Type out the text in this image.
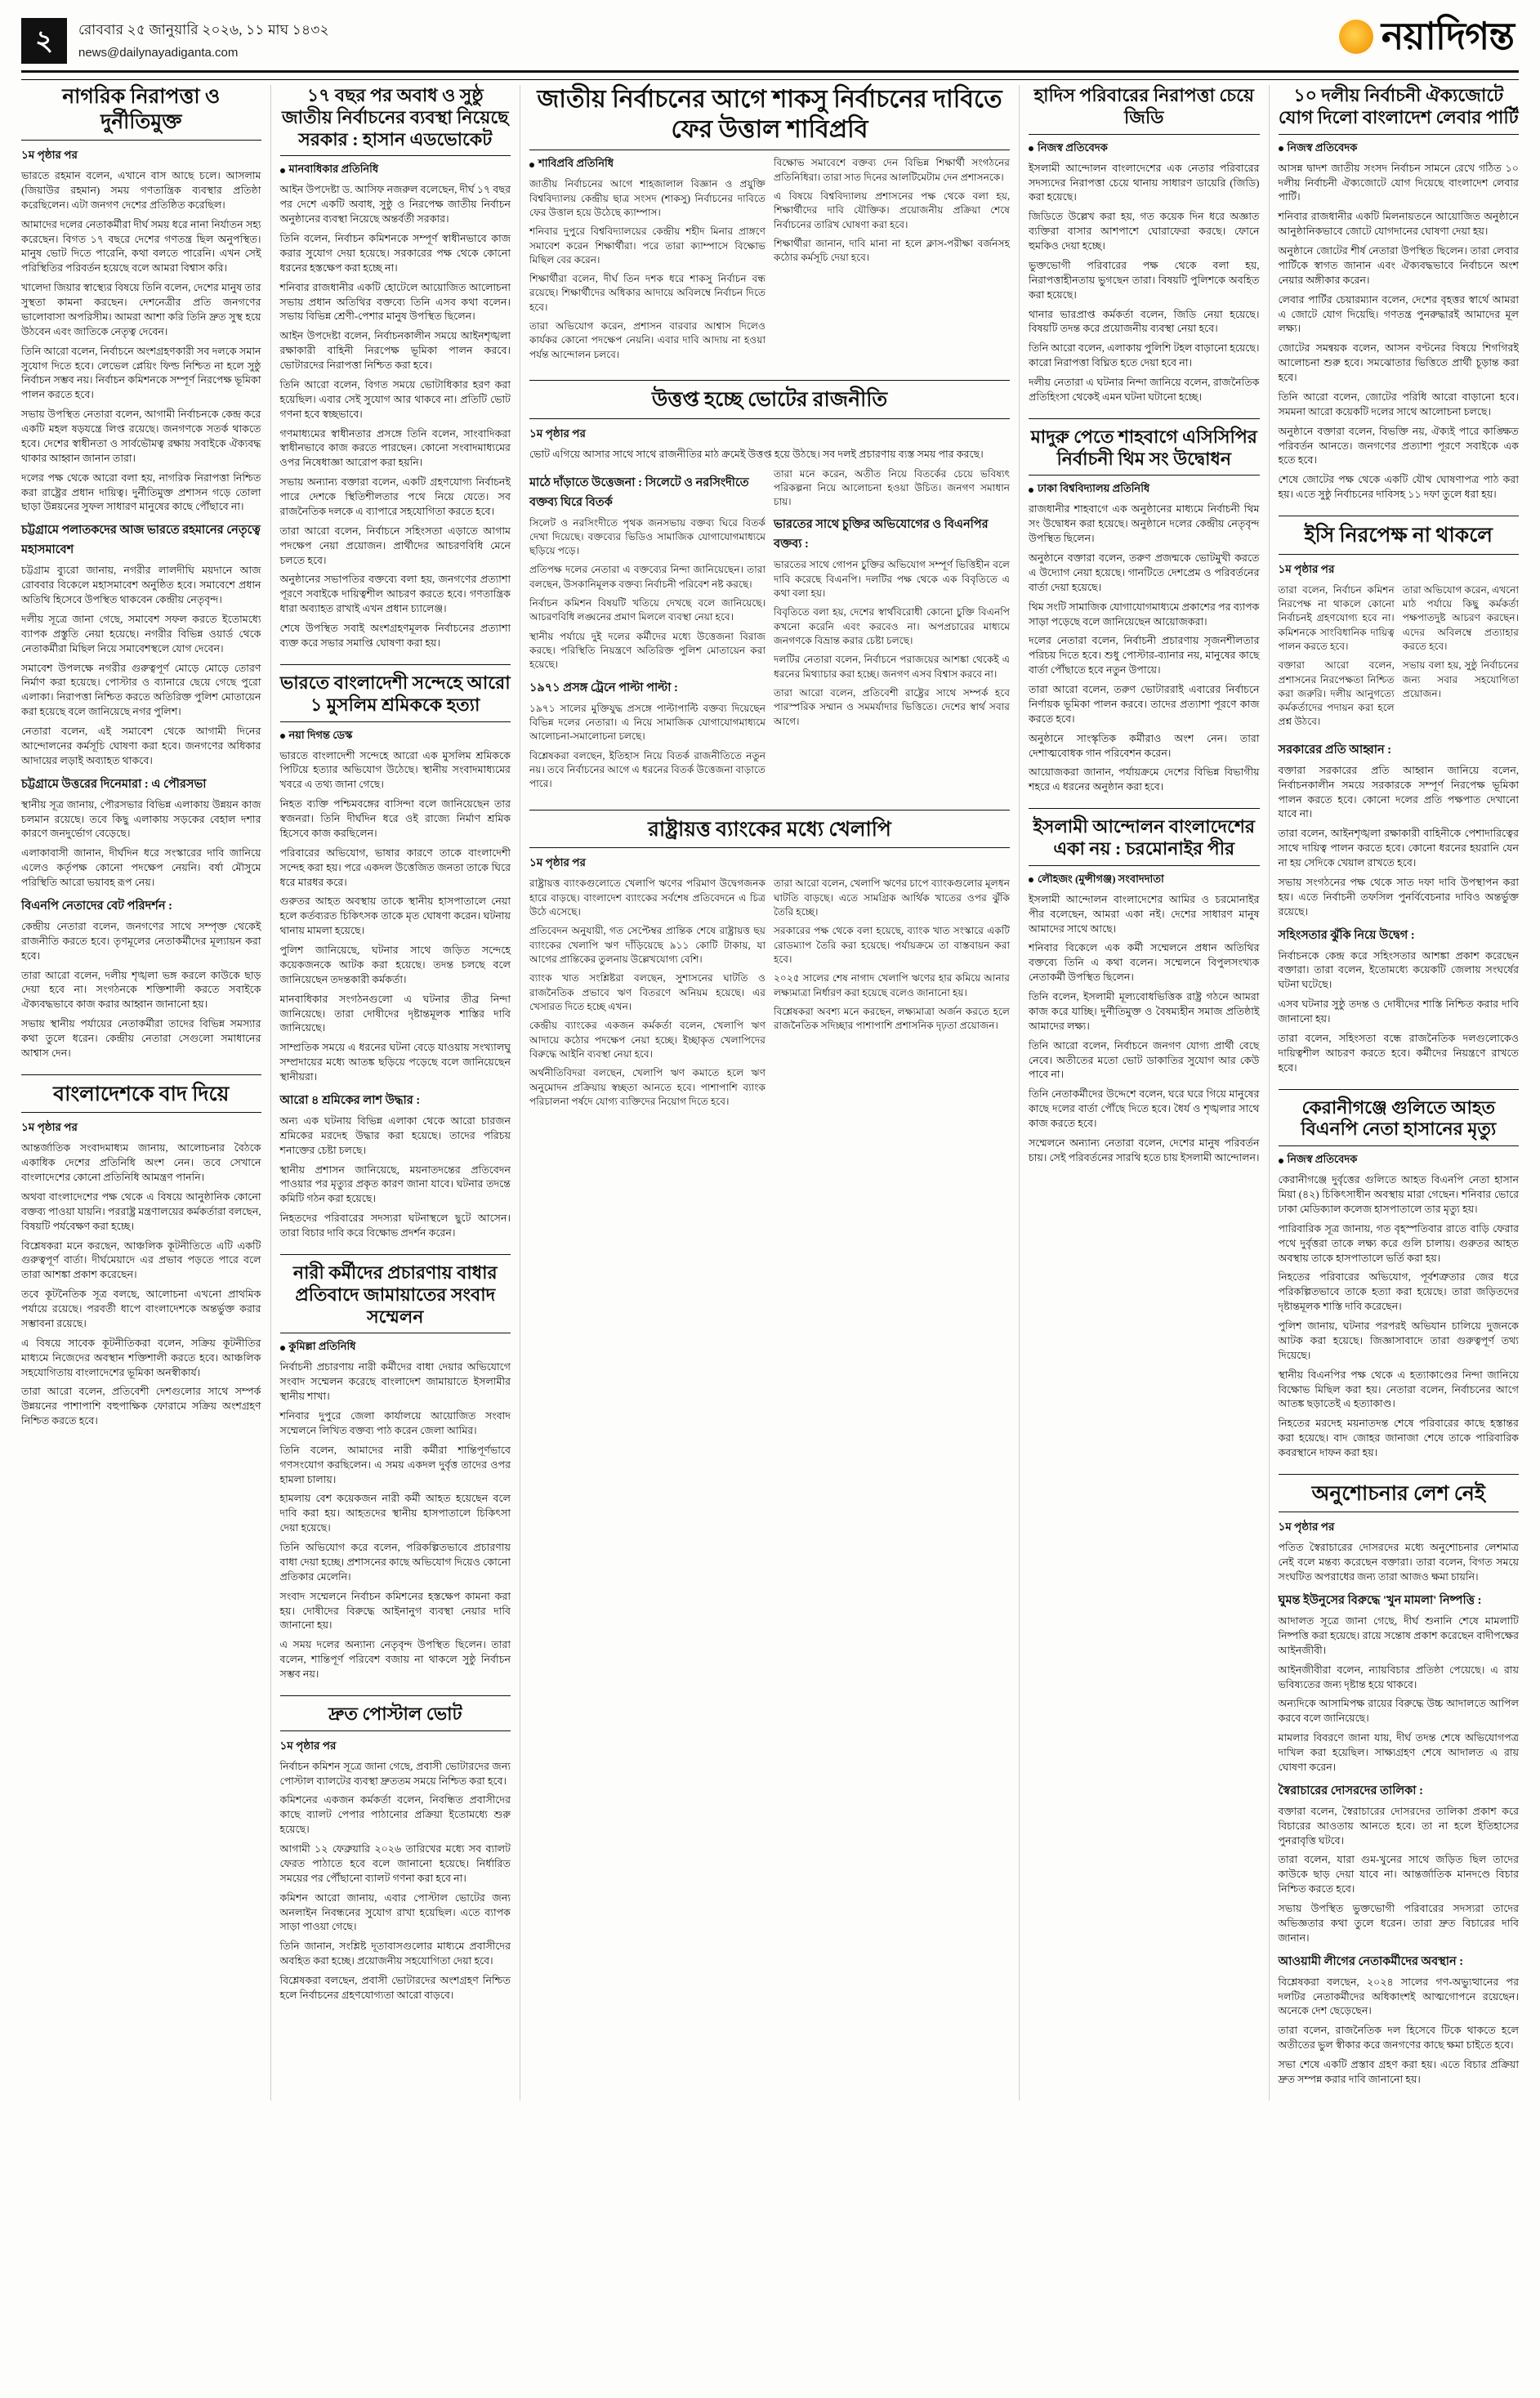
২	রোববার ২৫ জানুয়ারি ২০২৬, ১১ মাঘ ১৪৩২
news@dailynayadiganta.com	নয়াদিগন্ত
নাগরিক নিরাপত্তা ও দুর্নীতিমুক্ত
১ম পৃষ্ঠার পর

ভারতে রহমান বলেন, এখানে বাস আছে চলে। আসলাম (জিয়াউর রহমান) সময় গণতান্ত্রিক ব্যবস্থার প্রতিষ্ঠা করেছিলেন। এটা জনগণ দেশের প্রতিষ্ঠিত করেছিল।

আমাদের দলের নেতাকর্মীরা দীর্ঘ সময় ধরে নানা নির্যাতন সহ্য করেছেন। বিগত ১৭ বছরে দেশের গণতন্ত্র ছিল অনুপস্থিত। মানুষ ভোট দিতে পারেনি, কথা বলতে পারেনি। এখন সেই পরিস্থিতির পরিবর্তন হয়েছে বলে আমরা বিশ্বাস করি।

খালেদা জিয়ার স্বাস্থ্যের বিষয়ে তিনি বলেন, দেশের মানুষ তার সুস্থতা কামনা করছেন। দেশনেত্রীর প্রতি জনগণের ভালোবাসা অপরিসীম। আমরা আশা করি তিনি দ্রুত সুস্থ হয়ে উঠবেন এবং জাতিকে নেতৃত্ব দেবেন।

তিনি আরো বলেন, নির্বাচনে অংশগ্রহণকারী সব দলকে সমান সুযোগ দিতে হবে। লেভেল প্লেয়িং ফিল্ড নিশ্চিত না হলে সুষ্ঠু নির্বাচন সম্ভব নয়। নির্বাচন কমিশনকে সম্পূর্ণ নিরপেক্ষ ভূমিকা পালন করতে হবে।

সভায় উপস্থিত নেতারা বলেন, আগামী নির্বাচনকে কেন্দ্র করে একটি মহল ষড়যন্ত্রে লিপ্ত রয়েছে। জনগণকে সতর্ক থাকতে হবে। দেশের স্বাধীনতা ও সার্বভৌমত্ব রক্ষায় সবাইকে ঐক্যবদ্ধ থাকার আহ্বান জানান তারা।

দলের পক্ষ থেকে আরো বলা হয়, নাগরিক নিরাপত্তা নিশ্চিত করা রাষ্ট্রের প্রধান দায়িত্ব। দুর্নীতিমুক্ত প্রশাসন গড়ে তোলা ছাড়া উন্নয়নের সুফল সাধারণ মানুষের কাছে পৌঁছাবে না।

চট্টগ্রামে পলাতকদের আজ ভারতে রহমানের নেতৃত্বে মহাসমাবেশ

চট্টগ্রাম ব্যুরো জানায়, নগরীর লালদীঘি ময়দানে আজ রোববার বিকেলে মহাসমাবেশ অনুষ্ঠিত হবে। সমাবেশে প্রধান অতিথি হিসেবে উপস্থিত থাকবেন কেন্দ্রীয় নেতৃবৃন্দ।

দলীয় সূত্রে জানা গেছে, সমাবেশ সফল করতে ইতোমধ্যে ব্যাপক প্রস্তুতি নেয়া হয়েছে। নগরীর বিভিন্ন ওয়ার্ড থেকে নেতাকর্মীরা মিছিল নিয়ে সমাবেশস্থলে যোগ দেবেন।

সমাবেশ উপলক্ষে নগরীর গুরুত্বপূর্ণ মোড়ে মোড়ে তোরণ নির্মাণ করা হয়েছে। পোস্টার ও ব্যানারে ছেয়ে গেছে পুরো এলাকা। নিরাপত্তা নিশ্চিত করতে অতিরিক্ত পুলিশ মোতায়েন করা হয়েছে বলে জানিয়েছে নগর পুলিশ।

নেতারা বলেন, এই সমাবেশ থেকে আগামী দিনের আন্দোলনের কর্মসূচি ঘোষণা করা হবে। জনগণের অধিকার আদায়ের লড়াই অব্যাহত থাকবে।

চট্টগ্রামে উত্তরের দিনেমারা : এ পৌরসভা

স্থানীয় সূত্র জানায়, পৌরসভার বিভিন্ন এলাকায় উন্নয়ন কাজ চলমান রয়েছে। তবে কিছু এলাকায় সড়কের বেহাল দশার কারণে জনদুর্ভোগ বেড়েছে।

এলাকাবাসী জানান, দীর্ঘদিন ধরে সংস্কারের দাবি জানিয়ে এলেও কর্তৃপক্ষ কোনো পদক্ষেপ নেয়নি। বর্ষা মৌসুমে পরিস্থিতি আরো ভয়াবহ রূপ নেয়।

বিএনপি নেতাদের বেট পরিদর্শন :

কেন্দ্রীয় নেতারা বলেন, জনগণের সাথে সম্পৃক্ত থেকেই রাজনীতি করতে হবে। তৃণমূলের নেতাকর্মীদের মূল্যায়ন করা হবে।

তারা আরো বলেন, দলীয় শৃঙ্খলা ভঙ্গ করলে কাউকে ছাড় দেয়া হবে না। সংগঠনকে শক্তিশালী করতে সবাইকে ঐক্যবদ্ধভাবে কাজ করার আহ্বান জানানো হয়।

সভায় স্থানীয় পর্যায়ের নেতাকর্মীরা তাদের বিভিন্ন সমস্যার কথা তুলে ধরেন। কেন্দ্রীয় নেতারা সেগুলো সমাধানের আশ্বাস দেন।

বাংলাদেশকে বাদ দিয়ে
১ম পৃষ্ঠার পর

আন্তর্জাতিক সংবাদমাধ্যম জানায়, আলোচনার বৈঠকে একাধিক দেশের প্রতিনিধি অংশ নেন। তবে সেখানে বাংলাদেশের কোনো প্রতিনিধি আমন্ত্রণ পাননি।

অথবা বাংলাদেশের পক্ষ থেকে এ বিষয়ে আনুষ্ঠানিক কোনো বক্তব্য পাওয়া যায়নি। পররাষ্ট্র মন্ত্রণালয়ের কর্মকর্তারা বলছেন, বিষয়টি পর্যবেক্ষণ করা হচ্ছে।

বিশ্লেষকরা মনে করছেন, আঞ্চলিক কূটনীতিতে এটি একটি গুরুত্বপূর্ণ বার্তা। দীর্ঘমেয়াদে এর প্রভাব পড়তে পারে বলে তারা আশঙ্কা প্রকাশ করেছেন।

তবে কূটনৈতিক সূত্র বলছে, আলোচনা এখনো প্রাথমিক পর্যায়ে রয়েছে। পরবর্তী ধাপে বাংলাদেশকে অন্তর্ভুক্ত করার সম্ভাবনা রয়েছে।

এ বিষয়ে সাবেক কূটনীতিকরা বলেন, সক্রিয় কূটনীতির মাধ্যমে নিজেদের অবস্থান শক্তিশালী করতে হবে। আঞ্চলিক সহযোগিতায় বাংলাদেশের ভূমিকা অনস্বীকার্য।

তারা আরো বলেন, প্রতিবেশী দেশগুলোর সাথে সম্পর্ক উন্নয়নের পাশাপাশি বহুপাক্ষিক ফোরামে সক্রিয় অংশগ্রহণ নিশ্চিত করতে হবে।

১৭ বছর পর অবাধ ও সুষ্ঠু জাতীয় নির্বাচনের ব্যবস্থা নিয়েছে সরকার : হাসান এডভোকেট
মানবাধিকার প্রতিনিধি

আইন উপদেষ্টা ড. আসিফ নজরুল বলেছেন, দীর্ঘ ১৭ বছর পর দেশে একটি অবাধ, সুষ্ঠু ও নিরপেক্ষ জাতীয় নির্বাচন অনুষ্ঠানের ব্যবস্থা নিয়েছে অন্তর্বর্তী সরকার।

তিনি বলেন, নির্বাচন কমিশনকে সম্পূর্ণ স্বাধীনভাবে কাজ করার সুযোগ দেয়া হয়েছে। সরকারের পক্ষ থেকে কোনো ধরনের হস্তক্ষেপ করা হচ্ছে না।

শনিবার রাজধানীর একটি হোটেলে আয়োজিত আলোচনা সভায় প্রধান অতিথির বক্তব্যে তিনি এসব কথা বলেন। সভায় বিভিন্ন শ্রেণী-পেশার মানুষ উপস্থিত ছিলেন।

আইন উপদেষ্টা বলেন, নির্বাচনকালীন সময়ে আইনশৃঙ্খলা রক্ষাকারী বাহিনী নিরপেক্ষ ভূমিকা পালন করবে। ভোটারদের নিরাপত্তা নিশ্চিত করা হবে।

তিনি আরো বলেন, বিগত সময়ে ভোটাধিকার হরণ করা হয়েছিল। এবার সেই সুযোগ আর থাকবে না। প্রতিটি ভোট গণনা হবে স্বচ্ছভাবে।

গণমাধ্যমের স্বাধীনতার প্রসঙ্গে তিনি বলেন, সাংবাদিকরা স্বাধীনভাবে কাজ করতে পারছেন। কোনো সংবাদমাধ্যমের ওপর নিষেধাজ্ঞা আরোপ করা হয়নি।

সভায় অন্যান্য বক্তারা বলেন, একটি গ্রহণযোগ্য নির্বাচনই পারে দেশকে স্থিতিশীলতার পথে নিয়ে যেতে। সব রাজনৈতিক দলকে এ ব্যাপারে সহযোগিতা করতে হবে।

তারা আরো বলেন, নির্বাচনে সহিংসতা এড়াতে আগাম পদক্ষেপ নেয়া প্রয়োজন। প্রার্থীদের আচরণবিধি মেনে চলতে হবে।

অনুষ্ঠানের সভাপতির বক্তব্যে বলা হয়, জনগণের প্রত্যাশা পূরণে সবাইকে দায়িত্বশীল আচরণ করতে হবে। গণতান্ত্রিক ধারা অব্যাহত রাখাই এখন প্রধান চ্যালেঞ্জ।

শেষে উপস্থিত সবাই অংশগ্রহণমূলক নির্বাচনের প্রত্যাশা ব্যক্ত করে সভার সমাপ্তি ঘোষণা করা হয়।

ভারতে বাংলাদেশী সন্দেহে আরো ১ মুসলিম শ্রমিককে হত্যা
নয়া দিগন্ত ডেস্ক

ভারতে বাংলাদেশী সন্দেহে আরো এক মুসলিম শ্রমিককে পিটিয়ে হত্যার অভিযোগ উঠেছে। স্থানীয় সংবাদমাধ্যমের খবরে এ তথ্য জানা গেছে।

নিহত ব্যক্তি পশ্চিমবঙ্গের বাসিন্দা বলে জানিয়েছেন তার স্বজনরা। তিনি দীর্ঘদিন ধরে ওই রাজ্যে নির্মাণ শ্রমিক হিসেবে কাজ করছিলেন।

পরিবারের অভিযোগ, ভাষার কারণে তাকে বাংলাদেশী সন্দেহ করা হয়। পরে একদল উত্তেজিত জনতা তাকে ঘিরে ধরে মারধর করে।

গুরুতর আহত অবস্থায় তাকে স্থানীয় হাসপাতালে নেয়া হলে কর্তব্যরত চিকিৎসক তাকে মৃত ঘোষণা করেন। ঘটনায় থানায় মামলা হয়েছে।

পুলিশ জানিয়েছে, ঘটনার সাথে জড়িত সন্দেহে কয়েকজনকে আটক করা হয়েছে। তদন্ত চলছে বলে জানিয়েছেন তদন্তকারী কর্মকর্তা।

মানবাধিকার সংগঠনগুলো এ ঘটনার তীব্র নিন্দা জানিয়েছে। তারা দোষীদের দৃষ্টান্তমূলক শাস্তির দাবি জানিয়েছে।

সাম্প্রতিক সময়ে এ ধরনের ঘটনা বেড়ে যাওয়ায় সংখ্যালঘু সম্প্রদায়ের মধ্যে আতঙ্ক ছড়িয়ে পড়েছে বলে জানিয়েছেন স্থানীয়রা।

আরো ৪ শ্রমিকের লাশ উদ্ধার :

অন্য এক ঘটনায় বিভিন্ন এলাকা থেকে আরো চারজন শ্রমিকের মরদেহ উদ্ধার করা হয়েছে। তাদের পরিচয় শনাক্তের চেষ্টা চলছে।

স্থানীয় প্রশাসন জানিয়েছে, ময়নাতদন্তের প্রতিবেদন পাওয়ার পর মৃত্যুর প্রকৃত কারণ জানা যাবে। ঘটনার তদন্তে কমিটি গঠন করা হয়েছে।

নিহতদের পরিবারের সদস্যরা ঘটনাস্থলে ছুটে আসেন। তারা বিচার দাবি করে বিক্ষোভ প্রদর্শন করেন।

নারী কর্মীদের প্রচারণায় বাধার প্রতিবাদে জামায়াতের সংবাদ সম্মেলন
কুমিল্লা প্রতিনিধি

নির্বাচনী প্রচারণায় নারী কর্মীদের বাধা দেয়ার অভিযোগে সংবাদ সম্মেলন করেছে বাংলাদেশ জামায়াতে ইসলামীর স্থানীয় শাখা।

শনিবার দুপুরে জেলা কার্যালয়ে আয়োজিত সংবাদ সম্মেলনে লিখিত বক্তব্য পাঠ করেন জেলা আমির।

তিনি বলেন, আমাদের নারী কর্মীরা শান্তিপূর্ণভাবে গণসংযোগ করছিলেন। এ সময় একদল দুর্বৃত্ত তাদের ওপর হামলা চালায়।

হামলায় বেশ কয়েকজন নারী কর্মী আহত হয়েছেন বলে দাবি করা হয়। আহতদের স্থানীয় হাসপাতালে চিকিৎসা দেয়া হয়েছে।

তিনি অভিযোগ করে বলেন, পরিকল্পিতভাবে প্রচারণায় বাধা দেয়া হচ্ছে। প্রশাসনের কাছে অভিযোগ দিয়েও কোনো প্রতিকার মেলেনি।

সংবাদ সম্মেলনে নির্বাচন কমিশনের হস্তক্ষেপ কামনা করা হয়। দোষীদের বিরুদ্ধে আইনানুগ ব্যবস্থা নেয়ার দাবি জানানো হয়।

এ সময় দলের অন্যান্য নেতৃবৃন্দ উপস্থিত ছিলেন। তারা বলেন, শান্তিপূর্ণ পরিবেশ বজায় না থাকলে সুষ্ঠু নির্বাচন সম্ভব নয়।

দ্রুত পোস্টাল ভোট
১ম পৃষ্ঠার পর

নির্বাচন কমিশন সূত্রে জানা গেছে, প্রবাসী ভোটারদের জন্য পোস্টাল ব্যালটের ব্যবস্থা দ্রুততম সময়ে নিশ্চিত করা হবে।

কমিশনের একজন কর্মকর্তা বলেন, নিবন্ধিত প্রবাসীদের কাছে ব্যালট পেপার পাঠানোর প্রক্রিয়া ইতোমধ্যে শুরু হয়েছে।

আগামী ১২ ফেব্রুয়ারি ২০২৬ তারিখের মধ্যে সব ব্যালট ফেরত পাঠাতে হবে বলে জানানো হয়েছে। নির্ধারিত সময়ের পর পৌঁছানো ব্যালট গণনা করা হবে না।

কমিশন আরো জানায়, এবার পোস্টাল ভোটের জন্য অনলাইন নিবন্ধনের সুযোগ রাখা হয়েছিল। এতে ব্যাপক সাড়া পাওয়া গেছে।

তিনি জানান, সংশ্লিষ্ট দূতাবাসগুলোর মাধ্যমে প্রবাসীদের অবহিত করা হচ্ছে। প্রয়োজনীয় সহযোগিতা দেয়া হবে।

বিশ্লেষকরা বলছেন, প্রবাসী ভোটারদের অংশগ্রহণ নিশ্চিত হলে নির্বাচনের গ্রহণযোগ্যতা আরো বাড়বে।

জাতীয় নির্বাচনের আগে শাকসু নির্বাচনের দাবিতে ফের উত্তাল শাবিপ্রবি
শাবিপ্রবি প্রতিনিধি

জাতীয় নির্বাচনের আগে শাহজালাল বিজ্ঞান ও প্রযুক্তি বিশ্ববিদ্যালয় কেন্দ্রীয় ছাত্র সংসদ (শাকসু) নির্বাচনের দাবিতে ফের উত্তাল হয়ে উঠেছে ক্যাম্পাস।

শনিবার দুপুরে বিশ্ববিদ্যালয়ের কেন্দ্রীয় শহীদ মিনার প্রাঙ্গণে সমাবেশ করেন শিক্ষার্থীরা। পরে তারা ক্যাম্পাসে বিক্ষোভ মিছিল বের করেন।

শিক্ষার্থীরা বলেন, দীর্ঘ তিন দশক ধরে শাকসু নির্বাচন বন্ধ রয়েছে। শিক্ষার্থীদের অধিকার আদায়ে অবিলম্বে নির্বাচন দিতে হবে।

তারা অভিযোগ করেন, প্রশাসন বারবার আশ্বাস দিলেও কার্যকর কোনো পদক্ষেপ নেয়নি। এবার দাবি আদায় না হওয়া পর্যন্ত আন্দোলন চলবে।

বিক্ষোভ সমাবেশে বক্তব্য দেন বিভিন্ন শিক্ষার্থী সংগঠনের প্রতিনিধিরা। তারা সাত দিনের আলটিমেটাম দেন প্রশাসনকে।

এ বিষয়ে বিশ্ববিদ্যালয় প্রশাসনের পক্ষ থেকে বলা হয়, শিক্ষার্থীদের দাবি যৌক্তিক। প্রয়োজনীয় প্রক্রিয়া শেষে নির্বাচনের তারিখ ঘোষণা করা হবে।

শিক্ষার্থীরা জানান, দাবি মানা না হলে ক্লাস-পরীক্ষা বর্জনসহ কঠোর কর্মসূচি দেয়া হবে।

উত্তপ্ত হচ্ছে ভোটের রাজনীতি
১ম পৃষ্ঠার পর

ভোট এগিয়ে আসার সাথে সাথে রাজনীতির মাঠ ক্রমেই উত্তপ্ত হয়ে উঠছে। সব দলই প্রচারণায় ব্যস্ত সময় পার করছে।

মাঠে দাঁড়াতে উত্তেজনা : সিলেটে ও নরসিংদীতে বক্তব্য ঘিরে বিতর্ক

সিলেট ও নরসিংদীতে পৃথক জনসভায় বক্তব্য ঘিরে বিতর্ক দেখা দিয়েছে। বক্তব্যের ভিডিও সামাজিক যোগাযোগমাধ্যমে ছড়িয়ে পড়ে।

প্রতিপক্ষ দলের নেতারা এ বক্তব্যের নিন্দা জানিয়েছেন। তারা বলছেন, উসকানিমূলক বক্তব্য নির্বাচনী পরিবেশ নষ্ট করছে।

নির্বাচন কমিশন বিষয়টি খতিয়ে দেখছে বলে জানিয়েছে। আচরণবিধি লঙ্ঘনের প্রমাণ মিললে ব্যবস্থা নেয়া হবে।

স্থানীয় পর্যায়ে দুই দলের কর্মীদের মধ্যে উত্তেজনা বিরাজ করছে। পরিস্থিতি নিয়ন্ত্রণে অতিরিক্ত পুলিশ মোতায়েন করা হয়েছে।

১৯৭১ প্রসঙ্গ ট্রেনে পাল্টা পাল্টা :

১৯৭১ সালের মুক্তিযুদ্ধ প্রসঙ্গে পাল্টাপাল্টি বক্তব্য দিয়েছেন বিভিন্ন দলের নেতারা। এ নিয়ে সামাজিক যোগাযোগমাধ্যমে আলোচনা-সমালোচনা চলছে।

বিশ্লেষকরা বলছেন, ইতিহাস নিয়ে বিতর্ক রাজনীতিতে নতুন নয়। তবে নির্বাচনের আগে এ ধরনের বিতর্ক উত্তেজনা বাড়াতে পারে।

তারা মনে করেন, অতীত নিয়ে বিতর্কের চেয়ে ভবিষ্যৎ পরিকল্পনা নিয়ে আলোচনা হওয়া উচিত। জনগণ সমাধান চায়।

ভারতের সাথে চুক্তির অভিযোগের ও বিএনপির বক্তব্য :

ভারতের সাথে গোপন চুক্তির অভিযোগ সম্পূর্ণ ভিত্তিহীন বলে দাবি করেছে বিএনপি। দলটির পক্ষ থেকে এক বিবৃতিতে এ কথা বলা হয়।

বিবৃতিতে বলা হয়, দেশের স্বার্থবিরোধী কোনো চুক্তি বিএনপি কখনো করেনি এবং করবেও না। অপপ্রচারের মাধ্যমে জনগণকে বিভ্রান্ত করার চেষ্টা চলছে।

দলটির নেতারা বলেন, নির্বাচনে পরাজয়ের আশঙ্কা থেকেই এ ধরনের মিথ্যাচার করা হচ্ছে। জনগণ এসব বিশ্বাস করবে না।

তারা আরো বলেন, প্রতিবেশী রাষ্ট্রের সাথে সম্পর্ক হবে পারস্পরিক সম্মান ও সমমর্যাদার ভিত্তিতে। দেশের স্বার্থ সবার আগে।

রাষ্ট্রায়ত্ত ব্যাংকের মধ্যে খেলাপি
১ম পৃষ্ঠার পর

রাষ্ট্রায়ত্ত ব্যাংকগুলোতে খেলাপি ঋণের পরিমাণ উদ্বেগজনক হারে বাড়ছে। বাংলাদেশ ব্যাংকের সর্বশেষ প্রতিবেদনে এ চিত্র উঠে এসেছে।

প্রতিবেদন অনুযায়ী, গত সেপ্টেম্বর প্রান্তিক শেষে রাষ্ট্রায়ত্ত ছয় ব্যাংকের খেলাপি ঋণ দাঁড়িয়েছে ৯১১ কোটি টাকায়, যা আগের প্রান্তিকের তুলনায় উল্লেখযোগ্য বেশি।

ব্যাংক খাত সংশ্লিষ্টরা বলছেন, সুশাসনের ঘাটতি ও রাজনৈতিক প্রভাবে ঋণ বিতরণে অনিয়ম হয়েছে। এর খেসারত দিতে হচ্ছে এখন।

কেন্দ্রীয় ব্যাংকের একজন কর্মকর্তা বলেন, খেলাপি ঋণ আদায়ে কঠোর পদক্ষেপ নেয়া হচ্ছে। ইচ্ছাকৃত খেলাপিদের বিরুদ্ধে আইনি ব্যবস্থা নেয়া হবে।

অর্থনীতিবিদরা বলছেন, খেলাপি ঋণ কমাতে হলে ঋণ অনুমোদন প্রক্রিয়ায় স্বচ্ছতা আনতে হবে। পাশাপাশি ব্যাংক পরিচালনা পর্ষদে যোগ্য ব্যক্তিদের নিয়োগ দিতে হবে।

তারা আরো বলেন, খেলাপি ঋণের চাপে ব্যাংকগুলোর মূলধন ঘাটতি বাড়ছে। এতে সামগ্রিক আর্থিক খাতের ওপর ঝুঁকি তৈরি হচ্ছে।

সরকারের পক্ষ থেকে বলা হয়েছে, ব্যাংক খাত সংস্কারে একটি রোডম্যাপ তৈরি করা হয়েছে। পর্যায়ক্রমে তা বাস্তবায়ন করা হবে।

২০২৫ সালের শেষ নাগাদ খেলাপি ঋণের হার কমিয়ে আনার লক্ষ্যমাত্রা নির্ধারণ করা হয়েছে বলেও জানানো হয়।

বিশ্লেষকরা অবশ্য মনে করছেন, লক্ষ্যমাত্রা অর্জন করতে হলে রাজনৈতিক সদিচ্ছার পাশাপাশি প্রশাসনিক দৃঢ়তা প্রয়োজন।

হাদিস পরিবারের নিরাপত্তা চেয়ে জিডি
নিজস্ব প্রতিবেদক

ইসলামী আন্দোলন বাংলাদেশের এক নেতার পরিবারের সদস্যদের নিরাপত্তা চেয়ে থানায় সাধারণ ডায়েরি (জিডি) করা হয়েছে।

জিডিতে উল্লেখ করা হয়, গত কয়েক দিন ধরে অজ্ঞাত ব্যক্তিরা বাসার আশপাশে ঘোরাফেরা করছে। ফোনে হুমকিও দেয়া হচ্ছে।

ভুক্তভোগী পরিবারের পক্ষ থেকে বলা হয়, নিরাপত্তাহীনতায় ভুগছেন তারা। বিষয়টি পুলিশকে অবহিত করা হয়েছে।

থানার ভারপ্রাপ্ত কর্মকর্তা বলেন, জিডি নেয়া হয়েছে। বিষয়টি তদন্ত করে প্রয়োজনীয় ব্যবস্থা নেয়া হবে।

তিনি আরো বলেন, এলাকায় পুলিশি টহল বাড়ানো হয়েছে। কারো নিরাপত্তা বিঘ্নিত হতে দেয়া হবে না।

দলীয় নেতারা এ ঘটনার নিন্দা জানিয়ে বলেন, রাজনৈতিক প্রতিহিংসা থেকেই এমন ঘটনা ঘটানো হচ্ছে।

মাদুরু পেতে শাহবাগে এসিসিপির নির্বাচনী থিম সং উদ্বোধন
ঢাকা বিশ্ববিদ্যালয় প্রতিনিধি

রাজধানীর শাহবাগে এক অনুষ্ঠানের মাধ্যমে নির্বাচনী থিম সং উদ্বোধন করা হয়েছে। অনুষ্ঠানে দলের কেন্দ্রীয় নেতৃবৃন্দ উপস্থিত ছিলেন।

অনুষ্ঠানে বক্তারা বলেন, তরুণ প্রজন্মকে ভোটমুখী করতে এ উদ্যোগ নেয়া হয়েছে। গানটিতে দেশপ্রেম ও পরিবর্তনের বার্তা দেয়া হয়েছে।

থিম সংটি সামাজিক যোগাযোগমাধ্যমে প্রকাশের পর ব্যাপক সাড়া পড়েছে বলে জানিয়েছেন আয়োজকরা।

দলের নেতারা বলেন, নির্বাচনী প্রচারণায় সৃজনশীলতার পরিচয় দিতে হবে। শুধু পোস্টার-ব্যানার নয়, মানুষের কাছে বার্তা পৌঁছাতে হবে নতুন উপায়ে।

তারা আরো বলেন, তরুণ ভোটাররাই এবারের নির্বাচনে নির্ণায়ক ভূমিকা পালন করবে। তাদের প্রত্যাশা পূরণে কাজ করতে হবে।

অনুষ্ঠানে সাংস্কৃতিক কর্মীরাও অংশ নেন। তারা দেশাত্মবোধক গান পরিবেশন করেন।

আয়োজকরা জানান, পর্যায়ক্রমে দেশের বিভিন্ন বিভাগীয় শহরে এ ধরনের অনুষ্ঠান করা হবে।

ইসলামী আন্দোলন বাংলাদেশের একা নয় : চরমোনাইর পীর
লৌহজং (মুন্সীগঞ্জ) সংবাদদাতা

ইসলামী আন্দোলন বাংলাদেশের আমির ও চরমোনাইর পীর বলেছেন, আমরা একা নই। দেশের সাধারণ মানুষ আমাদের সাথে আছে।

শনিবার বিকেলে এক কর্মী সম্মেলনে প্রধান অতিথির বক্তব্যে তিনি এ কথা বলেন। সম্মেলনে বিপুলসংখ্যক নেতাকর্মী উপস্থিত ছিলেন।

তিনি বলেন, ইসলামী মূল্যবোধভিত্তিক রাষ্ট্র গঠনে আমরা কাজ করে যাচ্ছি। দুর্নীতিমুক্ত ও বৈষম্যহীন সমাজ প্রতিষ্ঠাই আমাদের লক্ষ্য।

তিনি আরো বলেন, নির্বাচনে জনগণ যোগ্য প্রার্থী বেছে নেবে। অতীতের মতো ভোট ডাকাতির সুযোগ আর কেউ পাবে না।

তিনি নেতাকর্মীদের উদ্দেশে বলেন, ঘরে ঘরে গিয়ে মানুষের কাছে দলের বার্তা পৌঁছে দিতে হবে। ধৈর্য ও শৃঙ্খলার সাথে কাজ করতে হবে।

সম্মেলনে অন্যান্য নেতারা বলেন, দেশের মানুষ পরিবর্তন চায়। সেই পরিবর্তনের সারথি হতে চায় ইসলামী আন্দোলন।

১০ দলীয় নির্বাচনী ঐক্যজোটে যোগ দিলো বাংলাদেশ লেবার পার্টি
নিজস্ব প্রতিবেদক

আসন্ন দ্বাদশ জাতীয় সংসদ নির্বাচন সামনে রেখে গঠিত ১০ দলীয় নির্বাচনী ঐক্যজোটে যোগ দিয়েছে বাংলাদেশ লেবার পার্টি।

শনিবার রাজধানীর একটি মিলনায়তনে আয়োজিত অনুষ্ঠানে আনুষ্ঠানিকভাবে জোটে যোগদানের ঘোষণা দেয়া হয়।

অনুষ্ঠানে জোটের শীর্ষ নেতারা উপস্থিত ছিলেন। তারা লেবার পার্টিকে স্বাগত জানান এবং ঐক্যবদ্ধভাবে নির্বাচনে অংশ নেয়ার অঙ্গীকার করেন।

লেবার পার্টির চেয়ারম্যান বলেন, দেশের বৃহত্তর স্বার্থে আমরা এ জোটে যোগ দিয়েছি। গণতন্ত্র পুনরুদ্ধারই আমাদের মূল লক্ষ্য।

জোটের সমন্বয়ক বলেন, আসন বণ্টনের বিষয়ে শিগগিরই আলোচনা শুরু হবে। সমঝোতার ভিত্তিতে প্রার্থী চূড়ান্ত করা হবে।

তিনি আরো বলেন, জোটের পরিধি আরো বাড়ানো হবে। সমমনা আরো কয়েকটি দলের সাথে আলোচনা চলছে।

অনুষ্ঠানে বক্তারা বলেন, বিভক্তি নয়, ঐক্যই পারে কাঙ্ক্ষিত পরিবর্তন আনতে। জনগণের প্রত্যাশা পূরণে সবাইকে এক হতে হবে।

শেষে জোটের পক্ষ থেকে একটি যৌথ ঘোষণাপত্র পাঠ করা হয়। এতে সুষ্ঠু নির্বাচনের দাবিসহ ১১ দফা তুলে ধরা হয়।

ইসি নিরপেক্ষ না থাকলে
১ম পৃষ্ঠার পর

তারা বলেন, নির্বাচন কমিশন নিরপেক্ষ না থাকলে কোনো নির্বাচনই গ্রহণযোগ্য হবে না। কমিশনকে সাংবিধানিক দায়িত্ব পালন করতে হবে।

বক্তারা আরো বলেন, প্রশাসনের নিরপেক্ষতা নিশ্চিত করা জরুরি। দলীয় আনুগত্যে কর্মকর্তাদের পদায়ন করা হলে প্রশ্ন উঠবে।

তারা অভিযোগ করেন, এখনো মাঠ পর্যায়ে কিছু কর্মকর্তা পক্ষপাতদুষ্ট আচরণ করছেন। এদের অবিলম্বে প্রত্যাহার করতে হবে।

সভায় বলা হয়, সুষ্ঠু নির্বাচনের জন্য সবার সহযোগিতা প্রয়োজন।

সরকারের প্রতি আহ্বান :

বক্তারা সরকারের প্রতি আহ্বান জানিয়ে বলেন, নির্বাচনকালীন সময়ে সরকারকে সম্পূর্ণ নিরপেক্ষ ভূমিকা পালন করতে হবে। কোনো দলের প্রতি পক্ষপাত দেখানো যাবে না।

তারা বলেন, আইনশৃঙ্খলা রক্ষাকারী বাহিনীকে পেশাদারিত্বের সাথে দায়িত্ব পালন করতে হবে। কোনো ধরনের হয়রানি যেন না হয় সেদিকে খেয়াল রাখতে হবে।

সভায় সংগঠনের পক্ষ থেকে সাত দফা দাবি উপস্থাপন করা হয়। এতে নির্বাচনী তফসিল পুনর্বিবেচনার দাবিও অন্তর্ভুক্ত রয়েছে।

সহিংসতার ঝুঁকি নিয়ে উদ্বেগ :

নির্বাচনকে কেন্দ্র করে সহিংসতার আশঙ্কা প্রকাশ করেছেন বক্তারা। তারা বলেন, ইতোমধ্যে কয়েকটি জেলায় সংঘর্ষের ঘটনা ঘটেছে।

এসব ঘটনার সুষ্ঠু তদন্ত ও দোষীদের শাস্তি নিশ্চিত করার দাবি জানানো হয়।

তারা বলেন, সহিংসতা বন্ধে রাজনৈতিক দলগুলোকেও দায়িত্বশীল আচরণ করতে হবে। কর্মীদের নিয়ন্ত্রণে রাখতে হবে।

কেরানীগঞ্জে গুলিতে আহত বিএনপি নেতা হাসানের মৃত্যু
নিজস্ব প্রতিবেদক

কেরানীগঞ্জে দুর্বৃত্তের গুলিতে আহত বিএনপি নেতা হাসান মিয়া (৪২) চিকিৎসাধীন অবস্থায় মারা গেছেন। শনিবার ভোরে ঢাকা মেডিক্যাল কলেজ হাসপাতালে তার মৃত্যু হয়।

পারিবারিক সূত্র জানায়, গত বৃহস্পতিবার রাতে বাড়ি ফেরার পথে দুর্বৃত্তরা তাকে লক্ষ্য করে গুলি চালায়। গুরুতর আহত অবস্থায় তাকে হাসপাতালে ভর্তি করা হয়।

নিহতের পরিবারের অভিযোগ, পূর্বশত্রুতার জের ধরে পরিকল্পিতভাবে তাকে হত্যা করা হয়েছে। তারা জড়িতদের দৃষ্টান্তমূলক শাস্তি দাবি করেছেন।

পুলিশ জানায়, ঘটনার পরপরই অভিযান চালিয়ে দুজনকে আটক করা হয়েছে। জিজ্ঞাসাবাদে তারা গুরুত্বপূর্ণ তথ্য দিয়েছে।

স্থানীয় বিএনপির পক্ষ থেকে এ হত্যাকাণ্ডের নিন্দা জানিয়ে বিক্ষোভ মিছিল করা হয়। নেতারা বলেন, নির্বাচনের আগে আতঙ্ক ছড়াতেই এ হত্যাকাণ্ড।

নিহতের মরদেহ ময়নাতদন্ত শেষে পরিবারের কাছে হস্তান্তর করা হয়েছে। বাদ জোহর জানাজা শেষে তাকে পারিবারিক কবরস্থানে দাফন করা হয়।

অনুশোচনার লেশ নেই
১ম পৃষ্ঠার পর

পতিত স্বৈরাচারের দোসরদের মধ্যে অনুশোচনার লেশমাত্র নেই বলে মন্তব্য করেছেন বক্তারা। তারা বলেন, বিগত সময়ে সংঘটিত অপরাধের জন্য তারা আজও ক্ষমা চায়নি।

ঘুমন্ত ইউনুসের বিরুদ্ধে 'খুন মামলা' নিষ্পত্তি :

আদালত সূত্রে জানা গেছে, দীর্ঘ শুনানি শেষে মামলাটি নিষ্পত্তি করা হয়েছে। রায়ে সন্তোষ প্রকাশ করেছেন বাদীপক্ষের আইনজীবী।

আইনজীবীরা বলেন, ন্যায়বিচার প্রতিষ্ঠা পেয়েছে। এ রায় ভবিষ্যতের জন্য দৃষ্টান্ত হয়ে থাকবে।

অন্যদিকে আসামিপক্ষ রায়ের বিরুদ্ধে উচ্চ আদালতে আপিল করবে বলে জানিয়েছে।

মামলার বিবরণে জানা যায়, দীর্ঘ তদন্ত শেষে অভিযোগপত্র দাখিল করা হয়েছিল। সাক্ষ্যগ্রহণ শেষে আদালত এ রায় ঘোষণা করেন।

স্বৈরাচারের দোসরদের তালিকা :

বক্তারা বলেন, স্বৈরাচারের দোসরদের তালিকা প্রকাশ করে বিচারের আওতায় আনতে হবে। তা না হলে ইতিহাসের পুনরাবৃত্তি ঘটবে।

তারা বলেন, যারা গুম-খুনের সাথে জড়িত ছিল তাদের কাউকে ছাড় দেয়া যাবে না। আন্তর্জাতিক মানদণ্ডে বিচার নিশ্চিত করতে হবে।

সভায় উপস্থিত ভুক্তভোগী পরিবারের সদস্যরা তাদের অভিজ্ঞতার কথা তুলে ধরেন। তারা দ্রুত বিচারের দাবি জানান।

আওয়ামী লীগের নেতাকর্মীদের অবস্থান :

বিশ্লেষকরা বলছেন, ২০২৪ সালের গণ-অভ্যুত্থানের পর দলটির নেতাকর্মীদের অধিকাংশই আত্মগোপনে রয়েছেন। অনেকে দেশ ছেড়েছেন।

তারা বলেন, রাজনৈতিক দল হিসেবে টিকে থাকতে হলে অতীতের ভুল স্বীকার করে জনগণের কাছে ক্ষমা চাইতে হবে।

সভা শেষে একটি প্রস্তাব গ্রহণ করা হয়। এতে বিচার প্রক্রিয়া দ্রুত সম্পন্ন করার দাবি জানানো হয়।
